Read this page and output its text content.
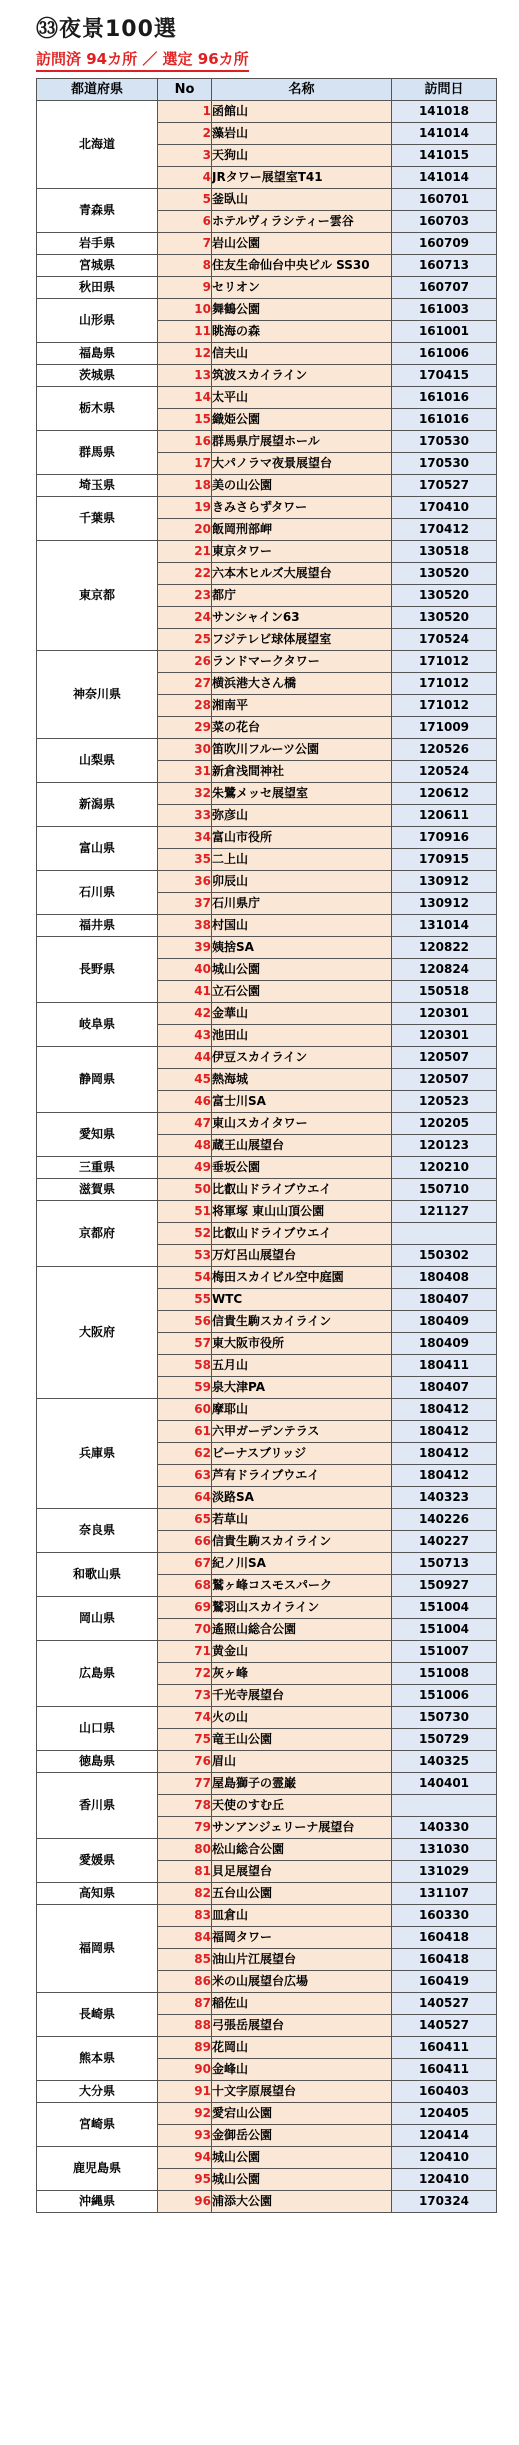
㉝夜景100選
訪問済 94カ所 ／ 選定 96カ所
都道府県	No	名称	訪問日
北海道	1	函館山	141018
	2	藻岩山	141014
	3	天狗山	141015
	4	JRタワー展望室T41	141014
青森県	5	釜臥山	160701
	6	ホテルヴィラシティー雲谷	160703
岩手県	7	岩山公園	160709
宮城県	8	住友生命仙台中央ビル SS30	160713
秋田県	9	セリオン	160707
山形県	10	舞鶴公園	161003
	11	眺海の森	161001
福島県	12	信夫山	161006
茨城県	13	筑波スカイライン	170415
栃木県	14	太平山	161016
	15	織姫公園	161016
群馬県	16	群馬県庁展望ホール	170530
	17	大パノラマ夜景展望台	170530
埼玉県	18	美の山公園	170527
千葉県	19	きみさらずタワー	170410
	20	飯岡刑部岬	170412
東京都	21	東京タワー	130518
	22	六本木ヒルズ大展望台	130520
	23	都庁	130520
	24	サンシャイン63	130520
	25	フジテレビ球体展望室	170524
神奈川県	26	ランドマークタワー	171012
	27	横浜港大さん橋	171012
	28	湘南平	171012
	29	菜の花台	171009
山梨県	30	笛吹川フルーツ公園	120526
	31	新倉浅間神社	120524
新潟県	32	朱鷺メッセ展望室	120612
	33	弥彦山	120611
富山県	34	富山市役所	170916
	35	二上山	170915
石川県	36	卯辰山	130912
	37	石川県庁	130912
福井県	38	村国山	131014
長野県	39	姨捨SA	120822
	40	城山公園	120824
	41	立石公園	150518
岐阜県	42	金華山	120301
	43	池田山	120301
静岡県	44	伊豆スカイライン	120507
	45	熱海城	120507
	46	富士川SA	120523
愛知県	47	東山スカイタワー	120205
	48	蔵王山展望台	120123
三重県	49	垂坂公園	120210
滋賀県	50	比叡山ドライブウエイ	150710
京都府	51	将軍塚 東山山頂公園	121127
	52	比叡山ドライブウエイ	
	53	万灯呂山展望台	150302
大阪府	54	梅田スカイビル空中庭園	180408
	55	WTC	180407
	56	信貴生駒スカイライン	180409
	57	東大阪市役所	180409
	58	五月山	180411
	59	泉大津PA	180407
兵庫県	60	摩耶山	180412
	61	六甲ガーデンテラス	180412
	62	ビーナスブリッジ	180412
	63	芦有ドライブウエイ	180412
	64	淡路SA	140323
奈良県	65	若草山	140226
	66	信貴生駒スカイライン	140227
和歌山県	67	紀ノ川SA	150713
	68	鷲ヶ峰コスモスパーク	150927
岡山県	69	鷲羽山スカイライン	151004
	70	遙照山総合公園	151004
広島県	71	黄金山	151007
	72	灰ヶ峰	151008
	73	千光寺展望台	151006
山口県	74	火の山	150730
	75	竜王山公園	150729
徳島県	76	眉山	140325
香川県	77	屋島獅子の霊巌	140401
	78	天使のすむ丘	
	79	サンアンジェリーナ展望台	140330
愛媛県	80	松山総合公園	131030
	81	貝足展望台	131029
高知県	82	五台山公園	131107
福岡県	83	皿倉山	160330
	84	福岡タワー	160418
	85	油山片江展望台	160418
	86	米の山展望台広場	160419
長崎県	87	稲佐山	140527
	88	弓張岳展望台	140527
熊本県	89	花岡山	160411
	90	金峰山	160411
大分県	91	十文字原展望台	160403
宮崎県	92	愛宕山公園	120405
	93	金御岳公園	120414
鹿児島県	94	城山公園	120410
	95	城山公園	120410
沖縄県	96	浦添大公園	170324
